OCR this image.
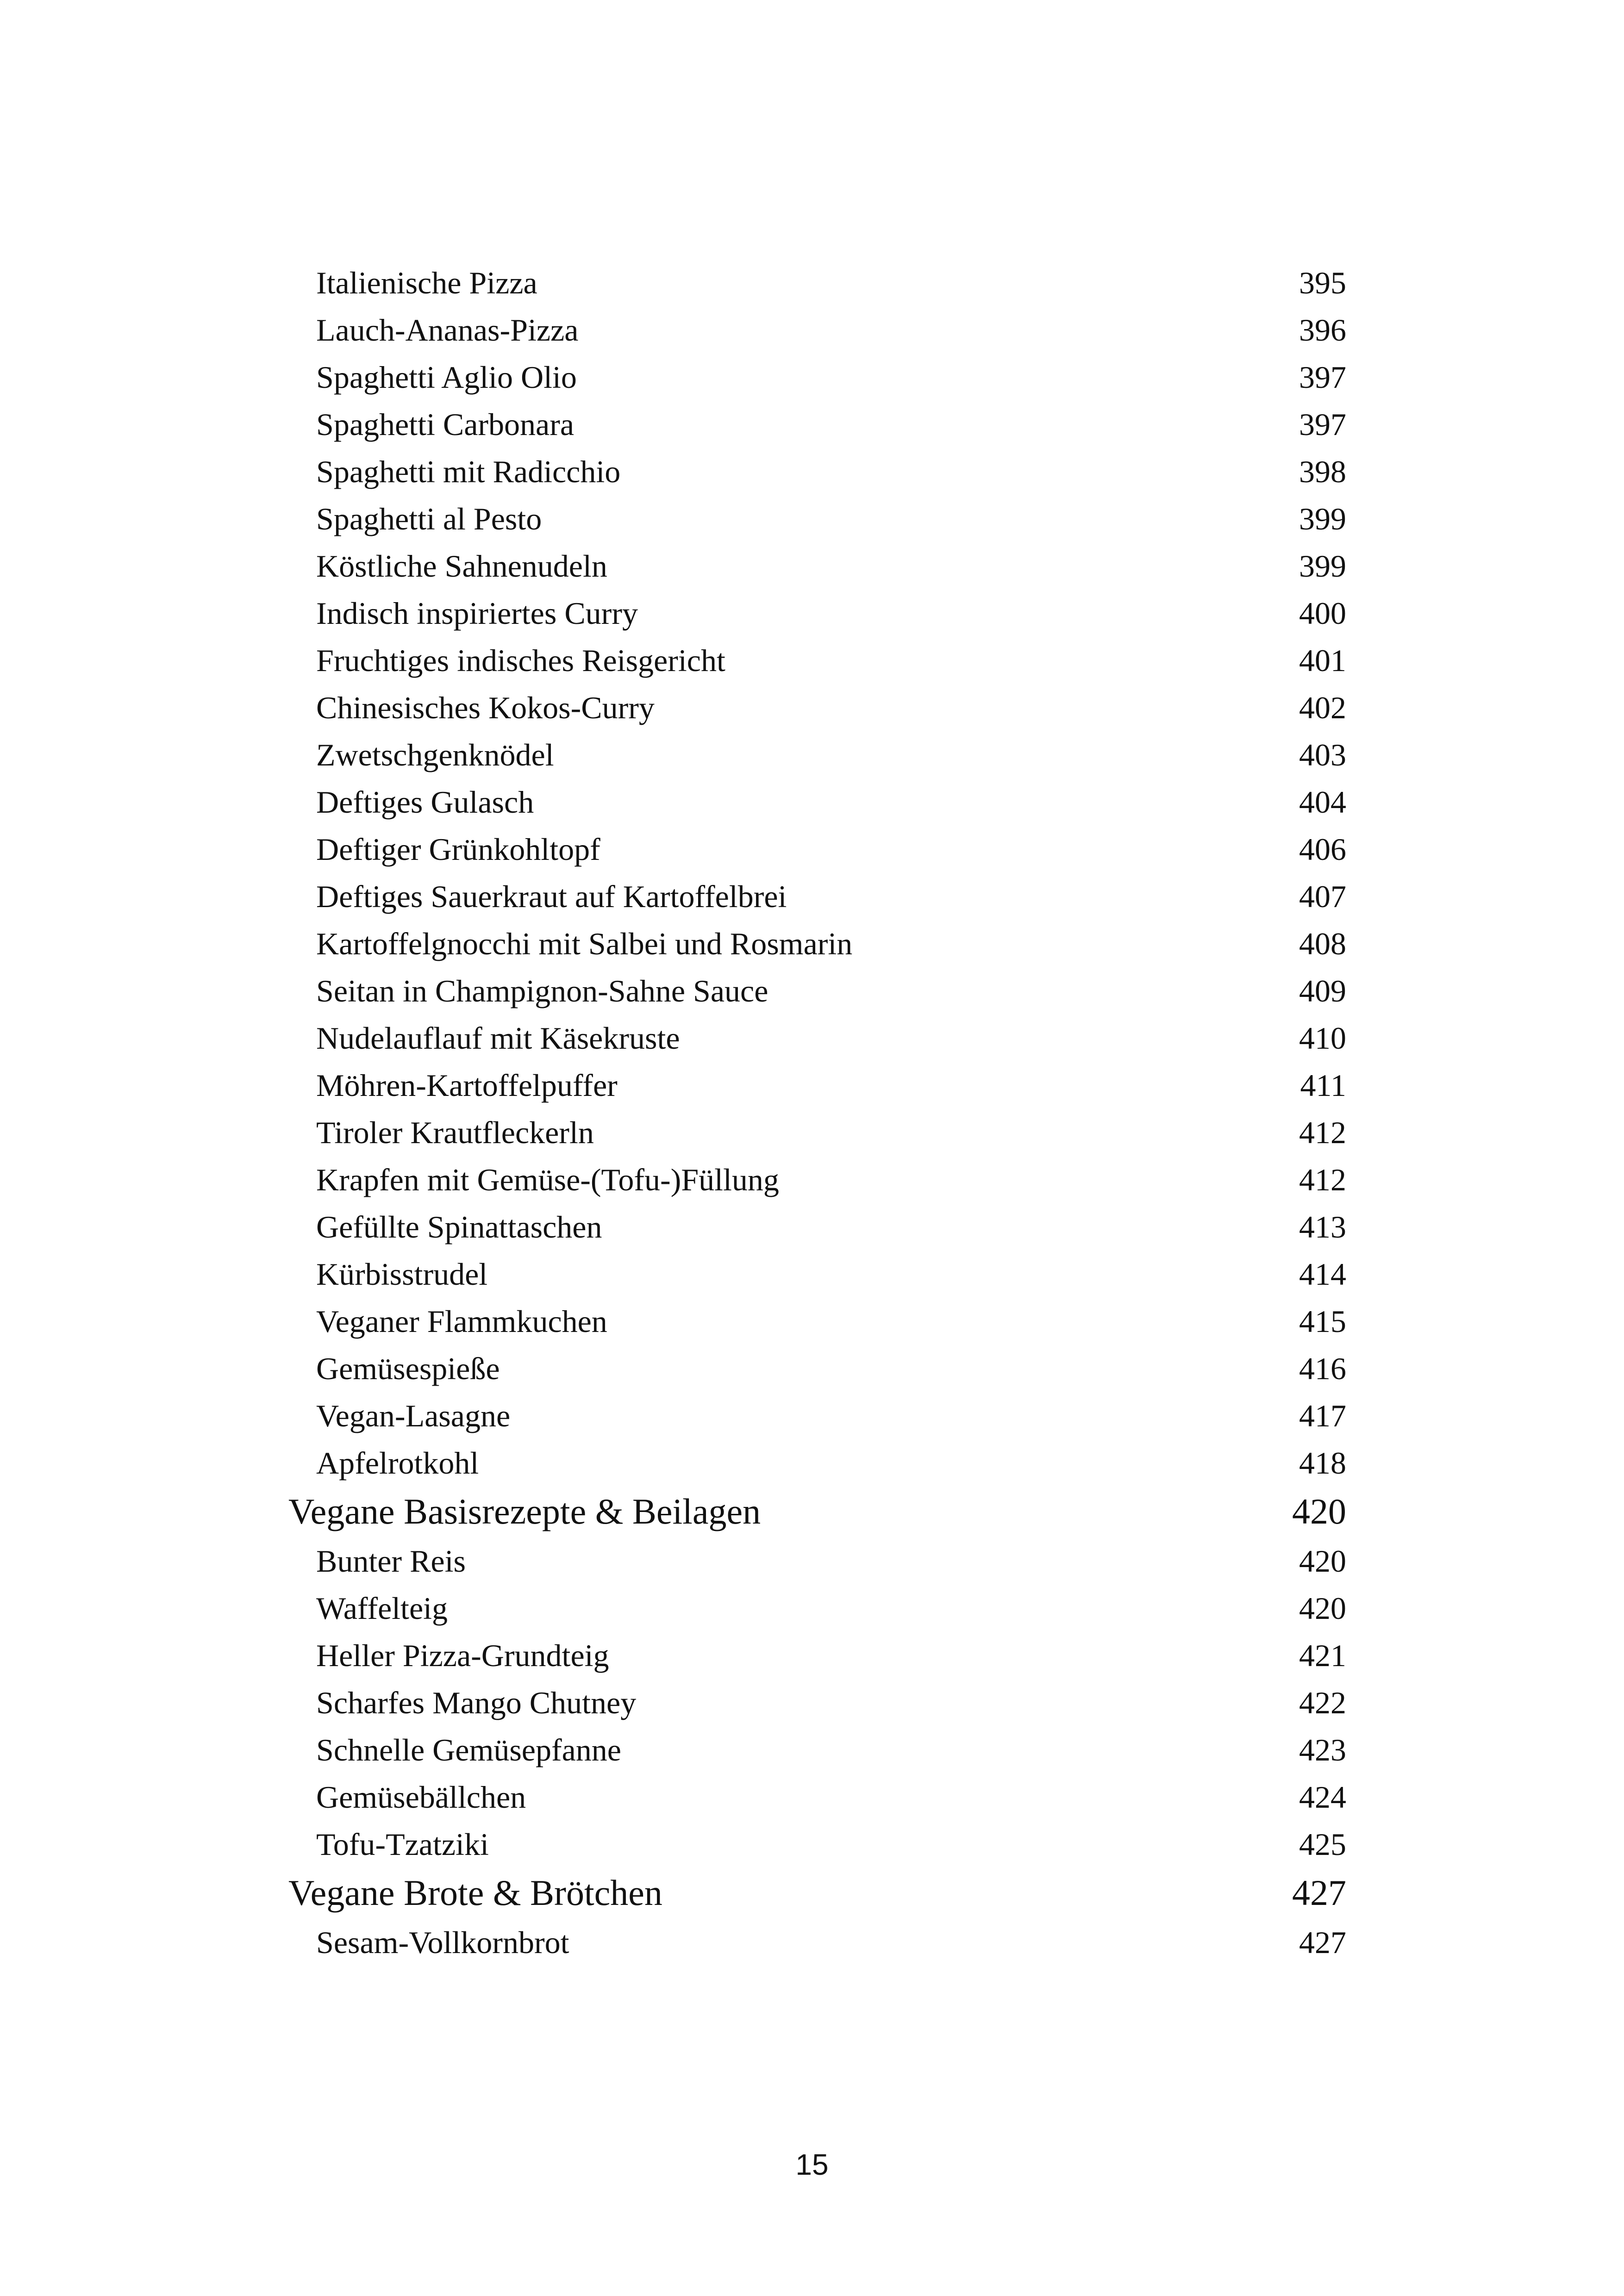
Italienische Pizza	395
Lauch-Ananas-Pizza	396
Spaghetti Aglio Olio	397
Spaghetti Carbonara	397
Spaghetti mit Radicchio	398
Spaghetti al Pesto	399
Köstliche Sahnenudeln	399
Indisch inspiriertes Curry	400
Fruchtiges indisches Reisgericht	401
Chinesisches Kokos-Curry	402
Zwetschgenknödel	403
Deftiges Gulasch	404
Deftiger Grünkohltopf	406
Deftiges Sauerkraut auf Kartoffelbrei	407
Kartoffelgnocchi mit Salbei und Rosmarin	408
Seitan in Champignon-Sahne Sauce	409
Nudelauflauf mit Käsekruste	410
Möhren-Kartoffelpuffer	411
Tiroler Krautfleckerln	412
Krapfen mit Gemüse-(Tofu-)Füllung	412
Gefüllte Spinattaschen	413
Kürbisstrudel	414
Veganer Flammkuchen	415
Gemüsespieße	416
Vegan-Lasagne	417
Apfelrotkohl	418
Vegane Basisrezepte & Beilagen	420
Bunter Reis	420
Waffelteig	420
Heller Pizza-Grundteig	421
Scharfes Mango Chutney	422
Schnelle Gemüsepfanne	423
Gemüsebällchen	424
Tofu-Tzatziki	425
Vegane Brote & Brötchen	427
Sesam-Vollkornbrot	427
15
